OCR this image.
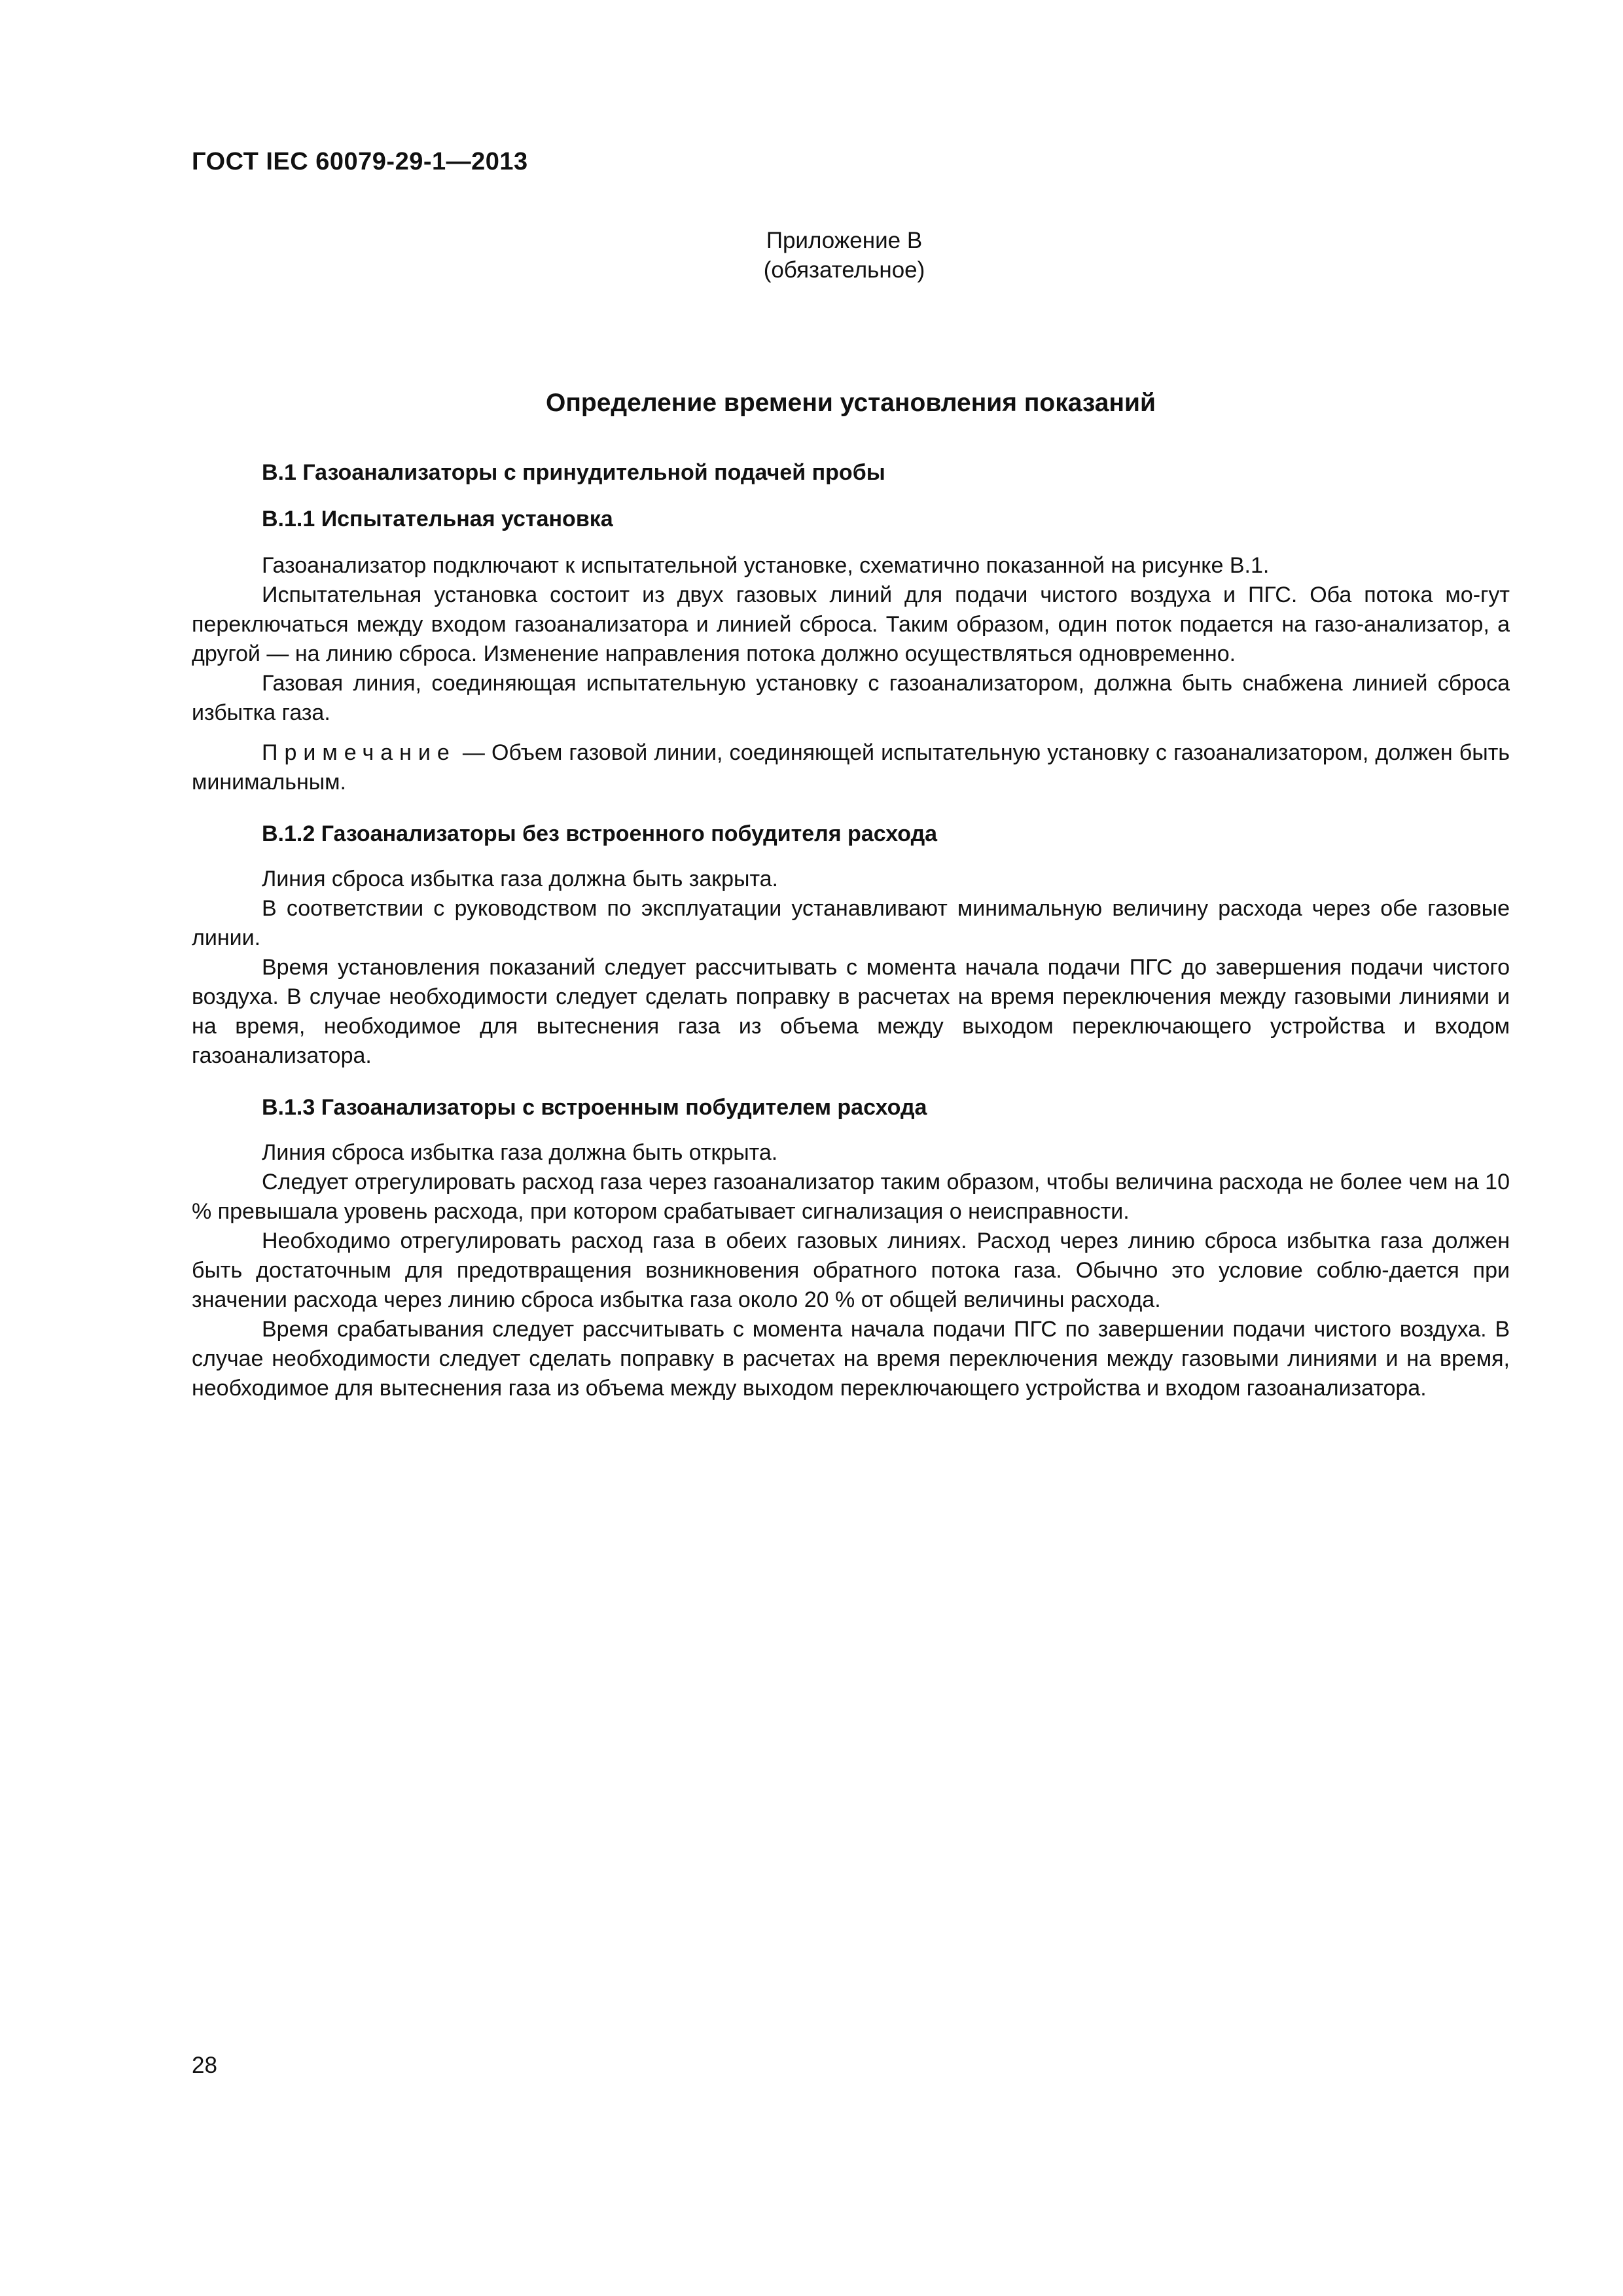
ГОСТ IEC 60079-29-1—2013
Приложение В
(обязательное)
Определение времени установления показаний

В.1 Газоанализаторы с принудительной подачей пробы

В.1.1 Испытательная установка

Газоанализатор подключают к испытательной установке, схематично показанной на рисунке В.1.

Испытательная установка состоит из двух газовых линий для подачи чистого воздуха и ПГС. Оба потока мо-гут переключаться между входом газоанализатора и линией сброса. Таким образом, один поток подается на газо-анализатор, а другой — на линию сброса. Изменение направления потока должно осуществляться одновременно.

Газовая линия, соединяющая испытательную установку с газоанализатором, должна быть снабжена линией сброса избытка газа.

Примечание — Объем газовой линии, соединяющей испытательную установку с газоанализатором, должен быть минимальным.

В.1.2 Газоанализаторы без встроенного побудителя расхода

Линия сброса избытка газа должна быть закрыта.

В соответствии с руководством по эксплуатации устанавливают минимальную величину расхода через обе газовые линии.

Время установления показаний следует рассчитывать с момента начала подачи ПГС до завершения подачи чистого воздуха. В случае необходимости следует сделать поправку в расчетах на время переключения между газовыми линиями и на время, необходимое для вытеснения газа из объема между выходом переключающего устройства и входом газоанализатора.

В.1.3 Газоанализаторы с встроенным побудителем расхода

Линия сброса избытка газа должна быть открыта.

Следует отрегулировать расход газа через газоанализатор таким образом, чтобы величина расхода не более чем на 10 % превышала уровень расхода, при котором срабатывает сигнализация о неисправности.

Необходимо отрегулировать расход газа в обеих газовых линиях. Расход через линию сброса избытка газа должен быть достаточным для предотвращения возникновения обратного потока газа. Обычно это условие соблю-дается при значении расхода через линию сброса избытка газа около 20 % от общей величины расхода.

Время срабатывания следует рассчитывать с момента начала подачи ПГС по завершении подачи чистого воздуха. В случае необходимости следует сделать поправку в расчетах на время переключения между газовыми линиями и на время, необходимое для вытеснения газа из объема между выходом переключающего устройства и входом газоанализатора.

28
